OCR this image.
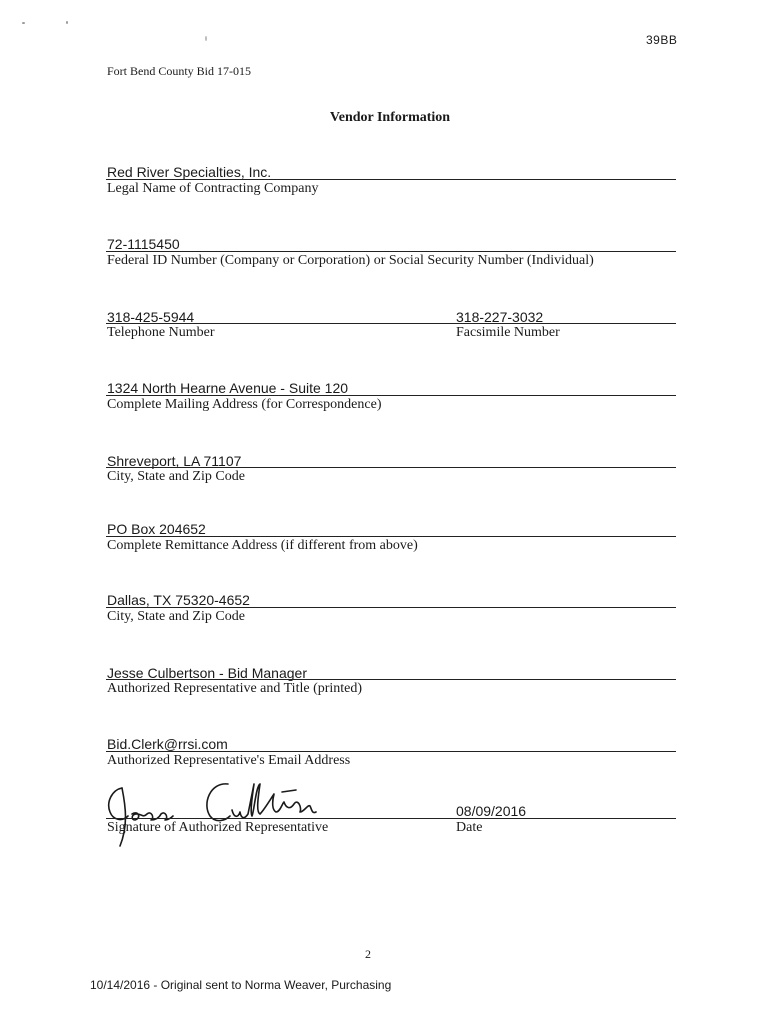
39BB
Fort Bend County Bid 17-015
Vendor Information
Red River Specialties, Inc.
Legal Name of Contracting Company
72-1115450
Federal ID Number (Company or Corporation) or Social Security Number (Individual)
318-425-5944	318-227-3032
Telephone Number	Facsimile Number
1324 North Hearne Avenue - Suite 120
Complete Mailing Address (for Correspondence)
Shreveport, LA 71107
City, State and Zip Code
PO Box 204652
Complete Remittance Address (if different from above)
Dallas, TX 75320-4652
City, State and Zip Code
Jesse Culbertson - Bid Manager
Authorized Representative and Title (printed)
Bid.Clerk@rrsi.com
Authorized Representative's Email Address
08/09/2016
Signature of Authorized Representative	Date
2
10/14/2016 - Original sent to Norma Weaver, Purchasing
